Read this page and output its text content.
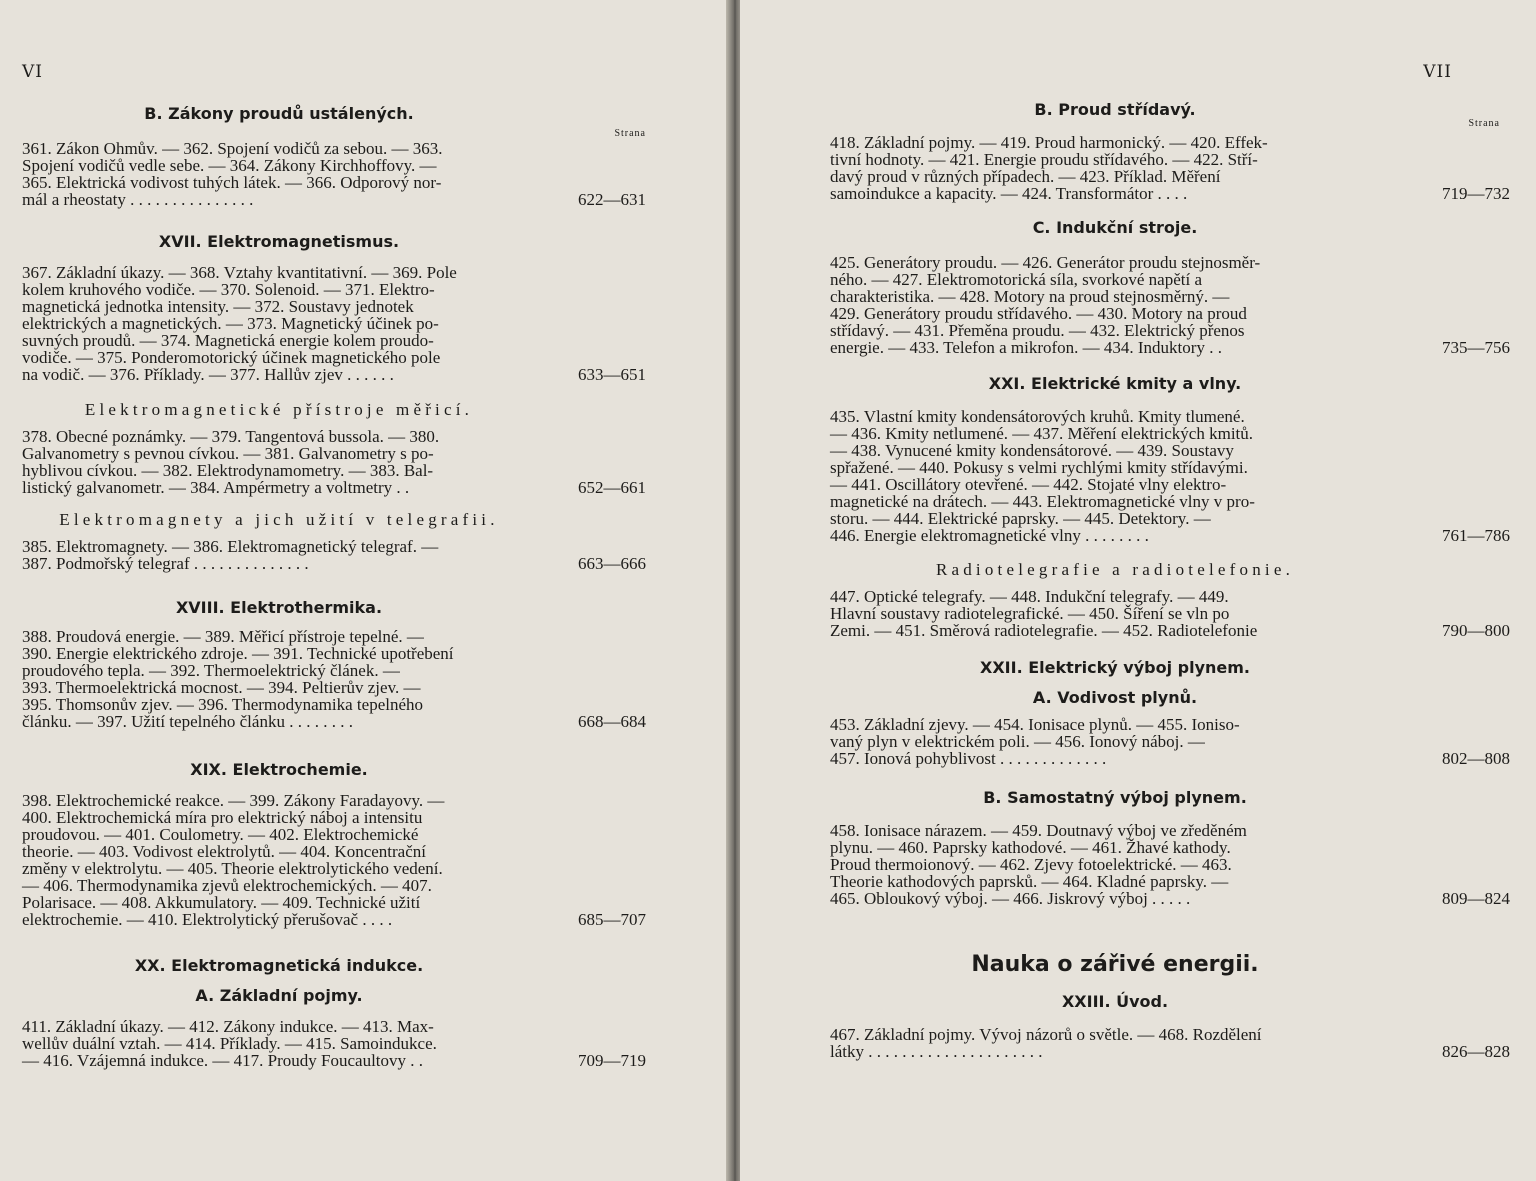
VI
Strana
B. Zákony proudů ustálených.
361. Zákon Ohmův. — 362. Spojení vodičů za sebou. — 363.
Spojení vodičů vedle sebe. — 364. Zákony Kirchhoffovy. —
365. Elektrická vodivost tuhých látek. — 366. Odporový nor-
mál a rheostaty . . . . . . . . . . . . . . .	622—631
XVII. Elektromagnetismus.
367. Základní úkazy. — 368. Vztahy kvantitativní. — 369. Pole
kolem kruhového vodiče. — 370. Solenoid. — 371. Elektro-
magnetická jednotka intensity. — 372. Soustavy jednotek
elektrických a magnetických. — 373. Magnetický účinek po-
suvných proudů. — 374. Magnetická energie kolem proudo-
vodiče. — 375. Ponderomotorický účinek magnetického pole
na vodič. — 376. Příklady. — 377. Hallův zjev . . . . . .	633—651
Elektromagnetické přístroje měřicí.
378. Obecné poznámky. — 379. Tangentová bussola. — 380.
Galvanometry s pevnou cívkou. — 381. Galvanometry s po-
hyblivou cívkou. — 382. Elektrodynamometry. — 383. Bal-
listický galvanometr. — 384. Ampérmetry a voltmetry . .	652—661
Elektromagnety a jich užití v telegrafii.
385. Elektromagnety. — 386. Elektromagnetický telegraf. —
387. Podmořský telegraf . . . . . . . . . . . . . .	663—666
XVIII. Elektrothermika.
388. Proudová energie. — 389. Měřicí přístroje tepelné. —
390. Energie elektrického zdroje. — 391. Technické upotřebení
proudového tepla. — 392. Thermoelektrický článek. —
393. Thermoelektrická mocnost. — 394. Peltierův zjev. —
395. Thomsonův zjev. — 396. Thermodynamika tepelného
článku. — 397. Užití tepelného článku . . . . . . . .	668—684
XIX. Elektrochemie.
398. Elektrochemické reakce. — 399. Zákony Faradayovy. —
400. Elektrochemická míra pro elektrický náboj a intensitu
proudovou. — 401. Coulometry. — 402. Elektrochemické
theorie. — 403. Vodivost elektrolytů. — 404. Koncentrační
změny v elektrolytu. — 405. Theorie elektrolytického vedení.
— 406. Thermodynamika zjevů elektrochemických. — 407.
Polarisace. — 408. Akkumulatory. — 409. Technické užití
elektrochemie. — 410. Elektrolytický přerušovač . . . .	685—707
XX. Elektromagnetická indukce.
A. Základní pojmy.
411. Základní úkazy. — 412. Zákony indukce. — 413. Max-
wellův duální vztah. — 414. Příklady. — 415. Samoindukce.
— 416. Vzájemná indukce. — 417. Proudy Foucaultovy . .	709—719
VII
Strana
B. Proud střídavý.
418. Základní pojmy. — 419. Proud harmonický. — 420. Effek-
tivní hodnoty. — 421. Energie proudu střídavého. — 422. Stří-
davý proud v různých případech. — 423. Příklad. Měření
samoindukce a kapacity. — 424. Transformátor . . . .	719—732
C. Indukční stroje.
425. Generátory proudu. — 426. Generátor proudu stejnosměr-
ného. — 427. Elektromotorická síla, svorkové napětí a
charakteristika. — 428. Motory na proud stejnosměrný. —
429. Generátory proudu střídavého. — 430. Motory na proud
střídavý. — 431. Přeměna proudu. — 432. Elektrický přenos
energie. — 433. Telefon a mikrofon. — 434. Induktory . .	735—756
XXI. Elektrické kmity a vlny.
435. Vlastní kmity kondensátorových kruhů. Kmity tlumené.
— 436. Kmity netlumené. — 437. Měření elektrických kmitů.
— 438. Vynucené kmity kondensátorové. — 439. Soustavy
spřažené. — 440. Pokusy s velmi rychlými kmity střídavými.
— 441. Oscillátory otevřené. — 442. Stojaté vlny elektro-
magnetické na drátech. — 443. Elektromagnetické vlny v pro-
storu. — 444. Elektrické paprsky. — 445. Detektory. —
446. Energie elektromagnetické vlny . . . . . . . .	761—786
Radiotelegrafie a radiotelefonie.
447. Optické telegrafy. — 448. Indukční telegrafy. — 449.
Hlavní soustavy radiotelegrafické. — 450. Šíření se vln po
Zemi. — 451. Směrová radiotelegrafie. — 452. Radiotelefonie	790—800
XXII. Elektrický výboj plynem.
A. Vodivost plynů.
453. Základní zjevy. — 454. Ionisace plynů. — 455. Ioniso-
vaný plyn v elektrickém poli. — 456. Ionový náboj. —
457. Ionová pohyblivost . . . . . . . . . . . . .	802—808
B. Samostatný výboj plynem.
458. Ionisace nárazem. — 459. Doutnavý výboj ve zředěném
plynu. — 460. Paprsky kathodové. — 461. Žhavé kathody.
Proud thermoionový. — 462. Zjevy fotoelektrické. — 463.
Theorie kathodových paprsků. — 464. Kladné paprsky. —
465. Obloukový výboj. — 466. Jiskrový výboj . . . . .	809—824
Nauka o zářivé energii.
XXIII. Úvod.
467. Základní pojmy. Vývoj názorů o světle. — 468. Rozdělení
látky . . . . . . . . . . . . . . . . . . . . .	826—828
